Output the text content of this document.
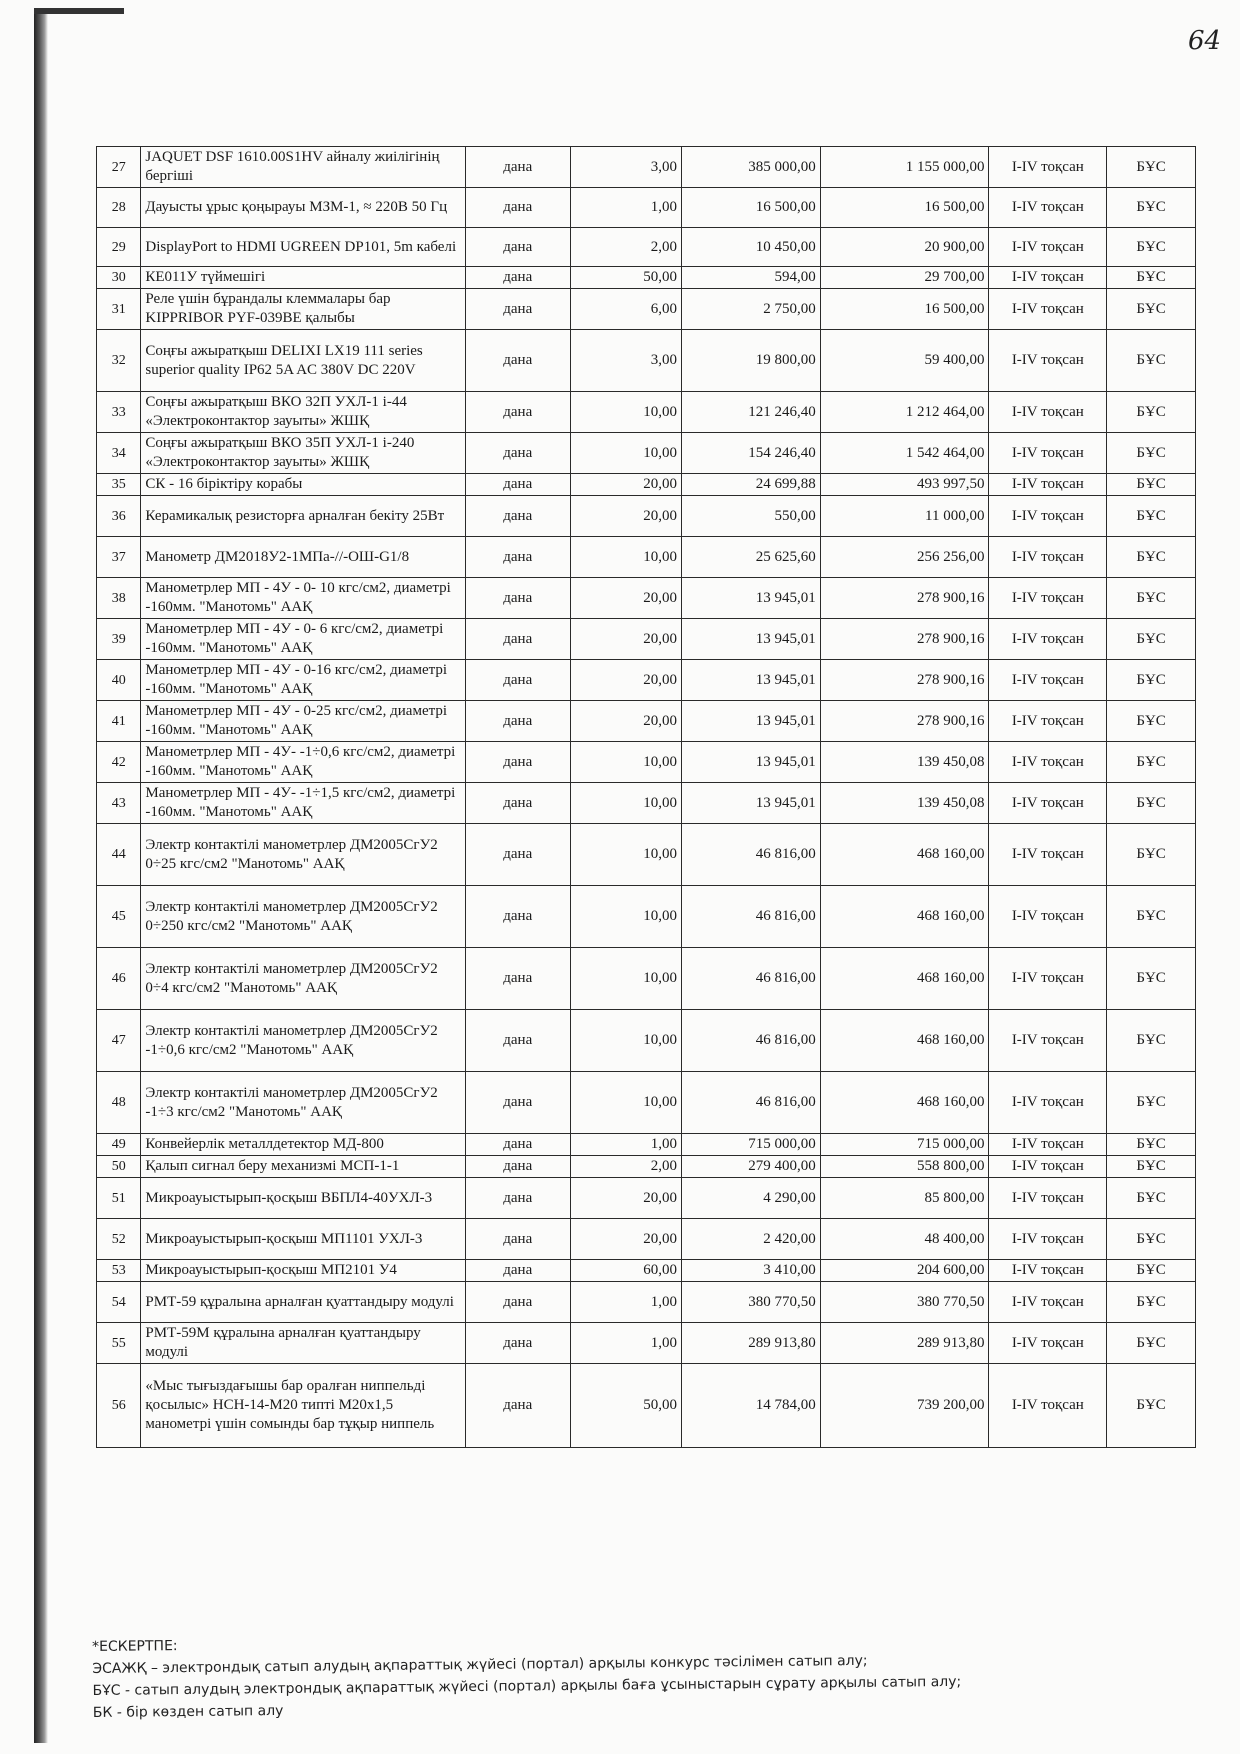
64
27	JAQUET DSF 1610.00S1HV айналу жиілігінің бергіші	дана	3,00	385 000,00	1 155 000,00	I-IV тоқсан	БҰС
28	Дауысты ұрыс қоңырауы МЗМ-1, ≈ 220В 50 Гц	дана	1,00	16 500,00	16 500,00	I-IV тоқсан	БҰС
29	DisplayPort to HDMI UGREEN DP101, 5m кабелі	дана	2,00	10 450,00	20 900,00	I-IV тоқсан	БҰС
30	КЕ011У түймешігі	дана	50,00	594,00	29 700,00	I-IV тоқсан	БҰС
31	Реле үшін бұрандалы клеммалары бар KIPPRIBOR PYF-039BE қалыбы	дана	6,00	2 750,00	16 500,00	I-IV тоқсан	БҰС
32	Соңғы ажыратқыш DELIXI LX19 111 series superior quality IP62 5A AC 380V DC 220V	дана	3,00	19 800,00	59 400,00	I-IV тоқсан	БҰС
33	Соңғы ажыратқыш ВКО 32П УХЛ-1 і-44 «Электроконтактор зауыты» ЖШҚ	дана	10,00	121 246,40	1 212 464,00	I-IV тоқсан	БҰС
34	Соңғы ажыратқыш ВКО 35П УХЛ-1 і-240 «Электроконтактор зауыты» ЖШҚ	дана	10,00	154 246,40	1 542 464,00	I-IV тоқсан	БҰС
35	СК - 16 біріктіру корабы	дана	20,00	24 699,88	493 997,50	I-IV тоқсан	БҰС
36	Керамикалық резисторға арналған бекіту 25Вт	дана	20,00	550,00	11 000,00	I-IV тоқсан	БҰС
37	Манометр ДМ2018У2-1МПа-//-ОШ-G1/8	дана	10,00	25 625,60	256 256,00	I-IV тоқсан	БҰС
38	Манометрлер МП - 4У - 0- 10 кгс/см2, диаметрі -160мм. "Манотомь" ААҚ	дана	20,00	13 945,01	278 900,16	I-IV тоқсан	БҰС
39	Манометрлер МП - 4У - 0- 6 кгс/см2, диаметрі -160мм. "Манотомь" ААҚ	дана	20,00	13 945,01	278 900,16	I-IV тоқсан	БҰС
40	Манометрлер МП - 4У - 0-16 кгс/см2, диаметрі -160мм. "Манотомь" ААҚ	дана	20,00	13 945,01	278 900,16	I-IV тоқсан	БҰС
41	Манометрлер МП - 4У - 0-25 кгс/см2, диаметрі -160мм. "Манотомь" ААҚ	дана	20,00	13 945,01	278 900,16	I-IV тоқсан	БҰС
42	Манометрлер МП - 4У- -1÷0,6 кгс/см2, диаметрі -160мм. "Манотомь" ААҚ	дана	10,00	13 945,01	139 450,08	I-IV тоқсан	БҰС
43	Манометрлер МП - 4У- -1÷1,5 кгс/см2, диаметрі -160мм. "Манотомь" ААҚ	дана	10,00	13 945,01	139 450,08	I-IV тоқсан	БҰС
44	Электр контактілі манометрлер ДМ2005СгУ2 0÷25 кгс/см2 "Манотомь" ААҚ	дана	10,00	46 816,00	468 160,00	I-IV тоқсан	БҰС
45	Электр контактілі манометрлер ДМ2005СгУ2 0÷250 кгс/см2 "Манотомь" ААҚ	дана	10,00	46 816,00	468 160,00	I-IV тоқсан	БҰС
46	Электр контактілі манометрлер ДМ2005СгУ2 0÷4 кгс/см2 "Манотомь" ААҚ	дана	10,00	46 816,00	468 160,00	I-IV тоқсан	БҰС
47	Электр контактілі манометрлер ДМ2005СгУ2 -1÷0,6 кгс/см2 "Манотомь" ААҚ	дана	10,00	46 816,00	468 160,00	I-IV тоқсан	БҰС
48	Электр контактілі манометрлер ДМ2005СгУ2 -1÷3 кгс/см2 "Манотомь" ААҚ	дана	10,00	46 816,00	468 160,00	I-IV тоқсан	БҰС
49	Конвейерлік металлдетектор МД-800	дана	1,00	715 000,00	715 000,00	I-IV тоқсан	БҰС
50	Қалып сигнал беру механизмі МСП-1-1	дана	2,00	279 400,00	558 800,00	I-IV тоқсан	БҰС
51	Микроауыстырып-қосқыш ВБПЛ4-40УХЛ-3	дана	20,00	4 290,00	85 800,00	I-IV тоқсан	БҰС
52	Микроауыстырып-қосқыш МП1101 УХЛ-3	дана	20,00	2 420,00	48 400,00	I-IV тоқсан	БҰС
53	Микроауыстырып-қосқыш МП2101 У4	дана	60,00	3 410,00	204 600,00	I-IV тоқсан	БҰС
54	РМТ-59 құралына арналған қуаттандыру модулі	дана	1,00	380 770,50	380 770,50	I-IV тоқсан	БҰС
55	РМТ-59М құралына арналған қуаттандыру модулі	дана	1,00	289 913,80	289 913,80	I-IV тоқсан	БҰС
56	«Мыс тығыздағышы бар оралған ниппельді қосылыс» НСН-14-М20 типті М20х1,5 манометрі үшін сомынды бар тұқыр ниппель	дана	50,00	14 784,00	739 200,00	I-IV тоқсан	БҰС
*ЕСКЕРТПЕ:
ЭСАЖҚ – электрондық сатып алудың ақпараттық жүйесі (портал) арқылы конкурс тәсілімен сатып алу;
БҰС - сатып алудың электрондық ақпараттық жүйесі (портал) арқылы баға ұсыныстарын сұрату арқылы сатып алу;
БК - бір көзден сатып алу
